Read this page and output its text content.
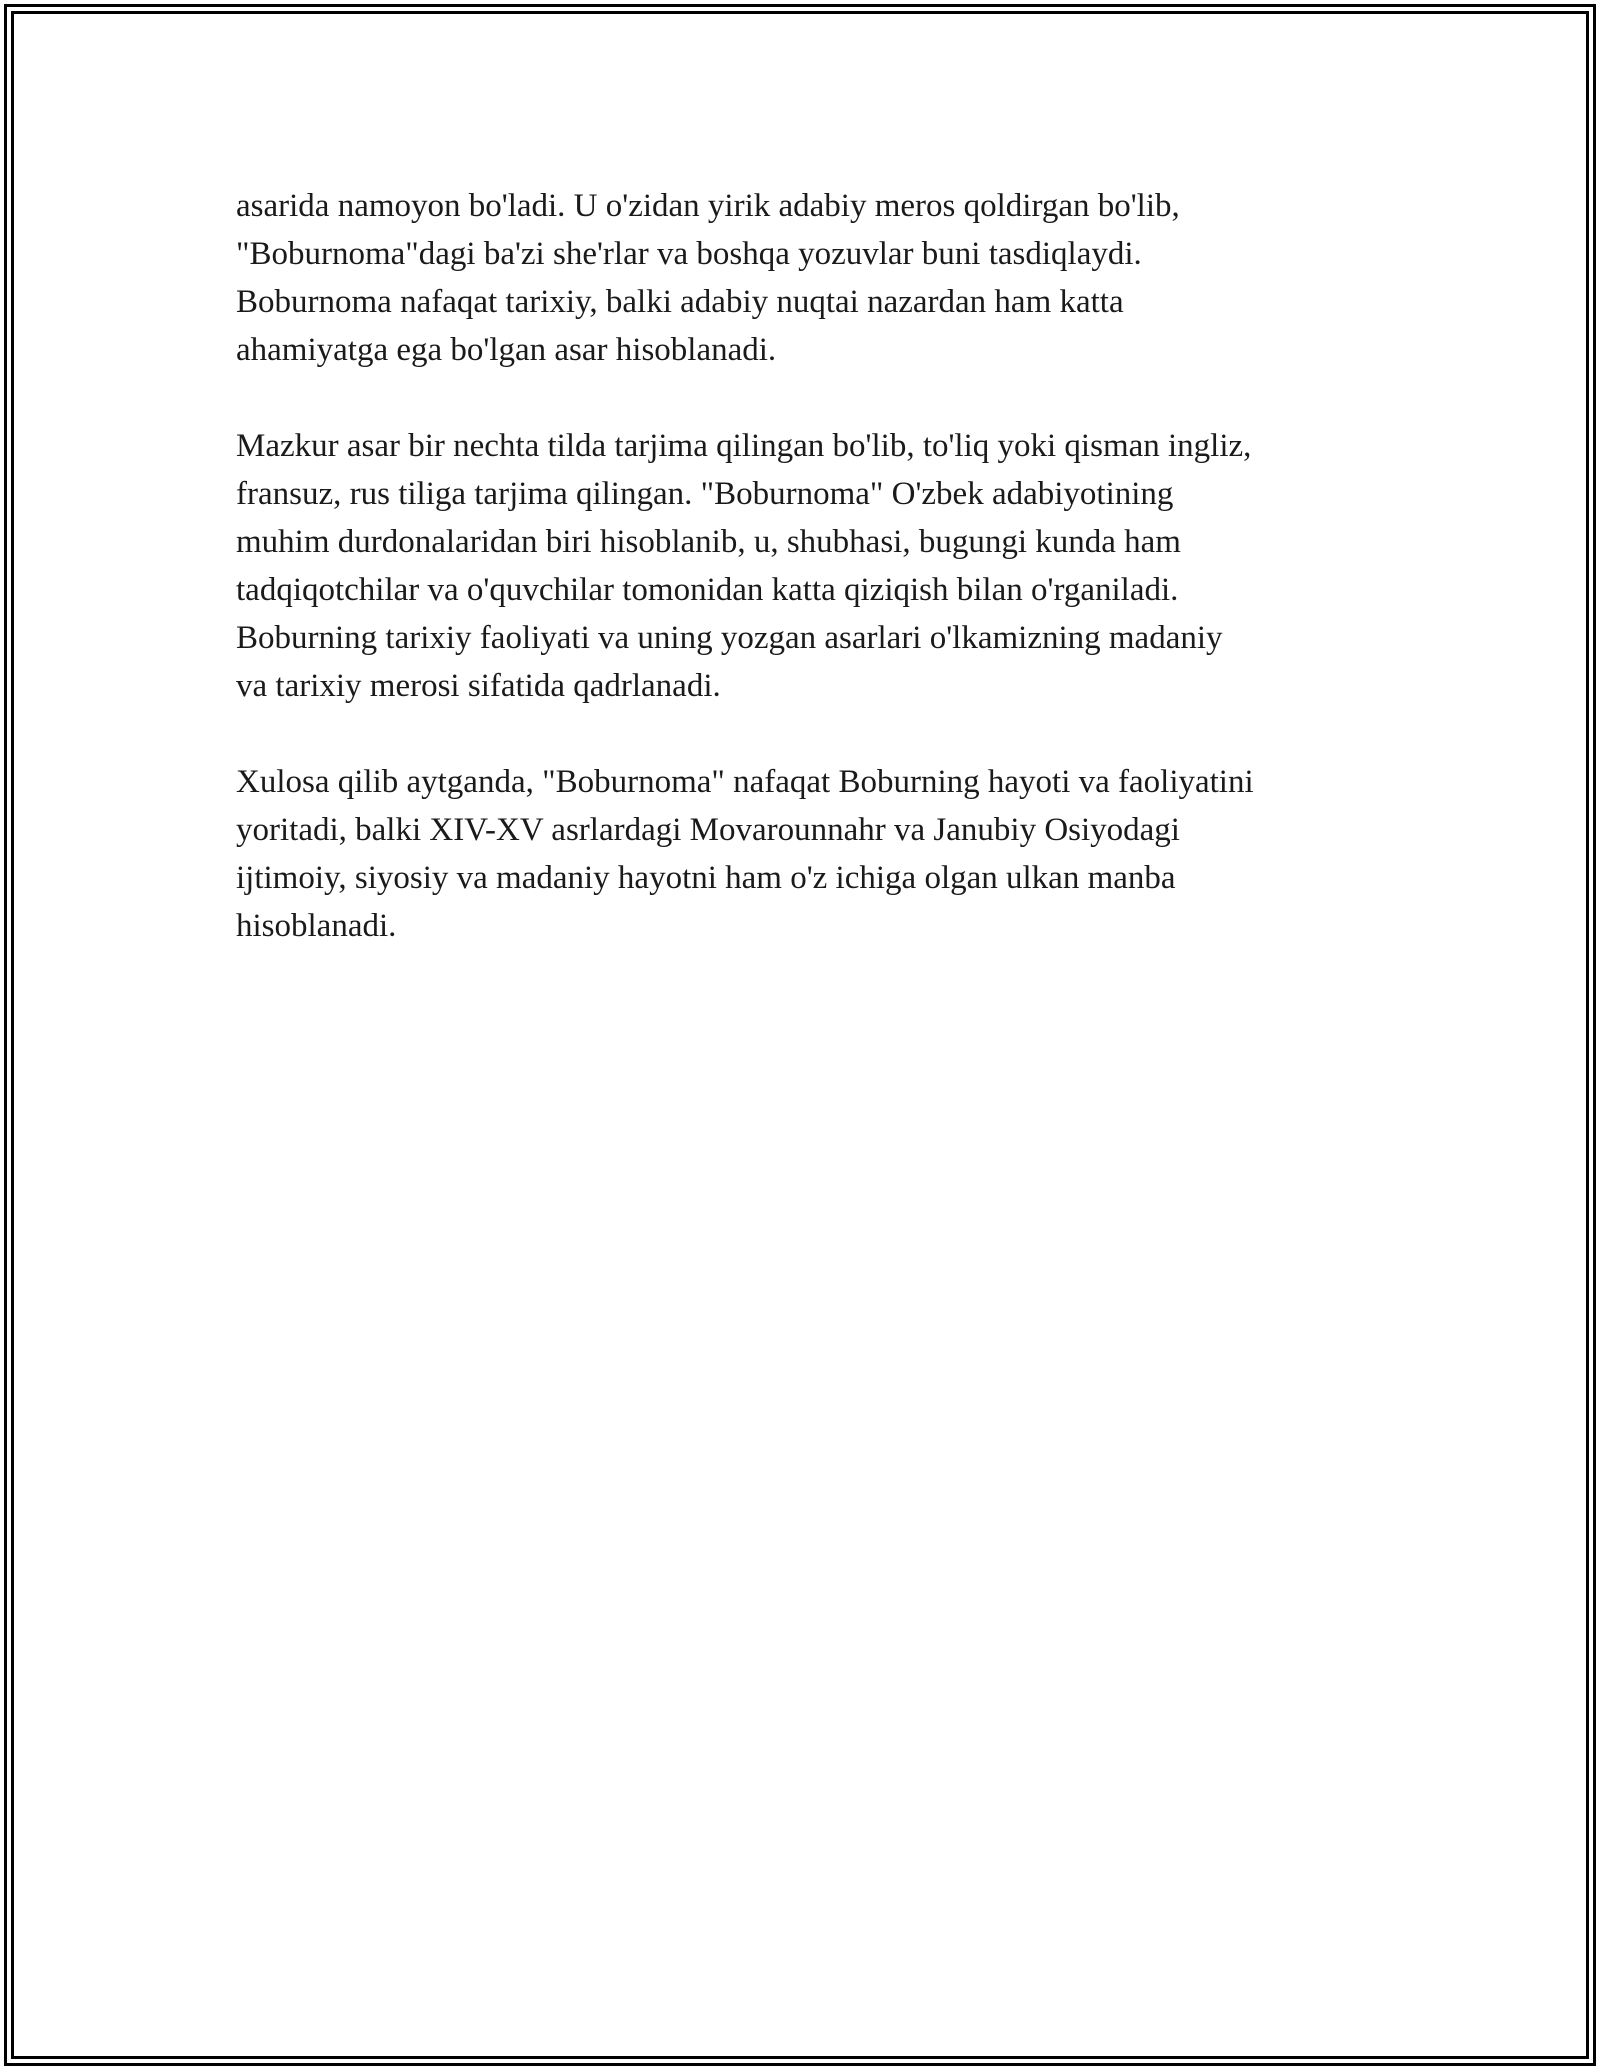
asarida namoyon bo'ladi. U o'zidan yirik adabiy meros qoldirgan bo'lib,
"Boburnoma"dagi ba'zi she'rlar va boshqa yozuvlar buni tasdiqlaydi.
Boburnoma nafaqat tarixiy, balki adabiy nuqtai nazardan ham katta
ahamiyatga ega bo'lgan asar hisoblanadi.
Mazkur asar bir nechta tilda tarjima qilingan bo'lib, to'liq yoki qisman ingliz,
fransuz, rus tiliga tarjima qilingan. "Boburnoma" O'zbek adabiyotining
muhim durdonalaridan biri hisoblanib, u, shubhasi, bugungi kunda ham
tadqiqotchilar va o'quvchilar tomonidan katta qiziqish bilan o'rganiladi.
Boburning tarixiy faoliyati va uning yozgan asarlari o'lkamizning madaniy
va tarixiy merosi sifatida qadrlanadi.
Xulosa qilib aytganda, "Boburnoma" nafaqat Boburning hayoti va faoliyatini
yoritadi, balki XIV-XV asrlardagi Movarounnahr va Janubiy Osiyodagi
ijtimoiy, siyosiy va madaniy hayotni ham o'z ichiga olgan ulkan manba
hisoblanadi.
